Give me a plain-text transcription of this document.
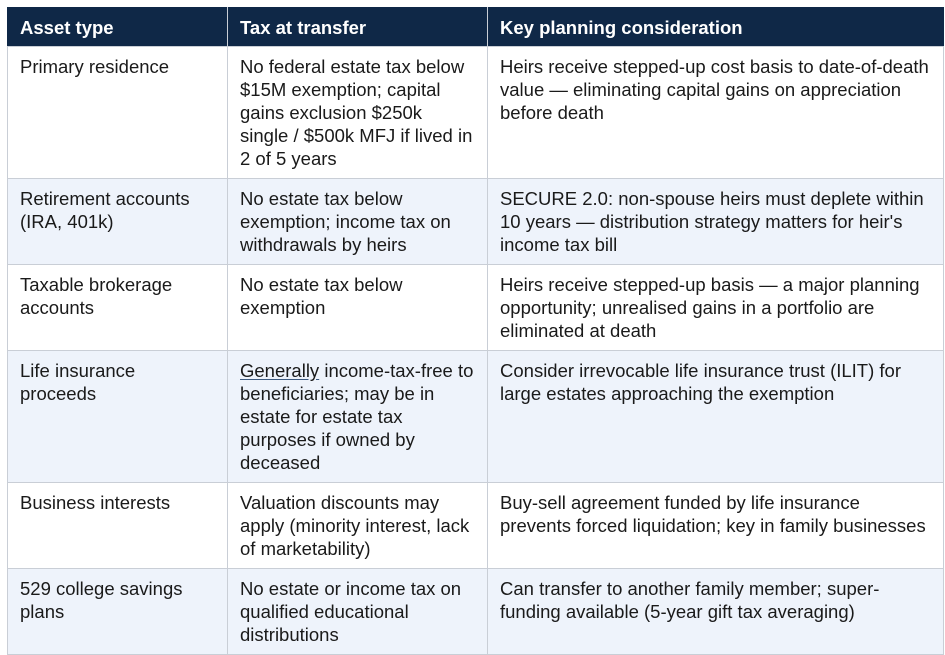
Asset type	Tax at transfer	Key planning consideration
Primary residence	No federal estate tax below $15M exemption; capital gains exclusion $250k single / $500k MFJ if lived in 2 of 5 years	Heirs receive stepped-up cost basis to date-of-death value — eliminating capital gains on appreciation before death
Retirement accounts (IRA, 401k)	No estate tax below exemption; income tax on withdrawals by heirs	SECURE 2.0: non-spouse heirs must deplete within 10 years — distribution strategy matters for heir's income tax bill
Taxable brokerage accounts	No estate tax below exemption	Heirs receive stepped-up basis — a major planning opportunity; unrealised gains in a portfolio are eliminated at death
Life insurance proceeds	Generally income-tax-free to beneficiaries; may be in estate for estate tax purposes if owned by deceased	Consider irrevocable life insurance trust (ILIT) for large estates approaching the exemption
Business interests	Valuation discounts may apply (minority interest, lack of marketability)	Buy-sell agreement funded by life insurance prevents forced liquidation; key in family businesses
529 college savings plans	No estate or income tax on qualified educational distributions	Can transfer to another family member; super-funding available (5-year gift tax averaging)
